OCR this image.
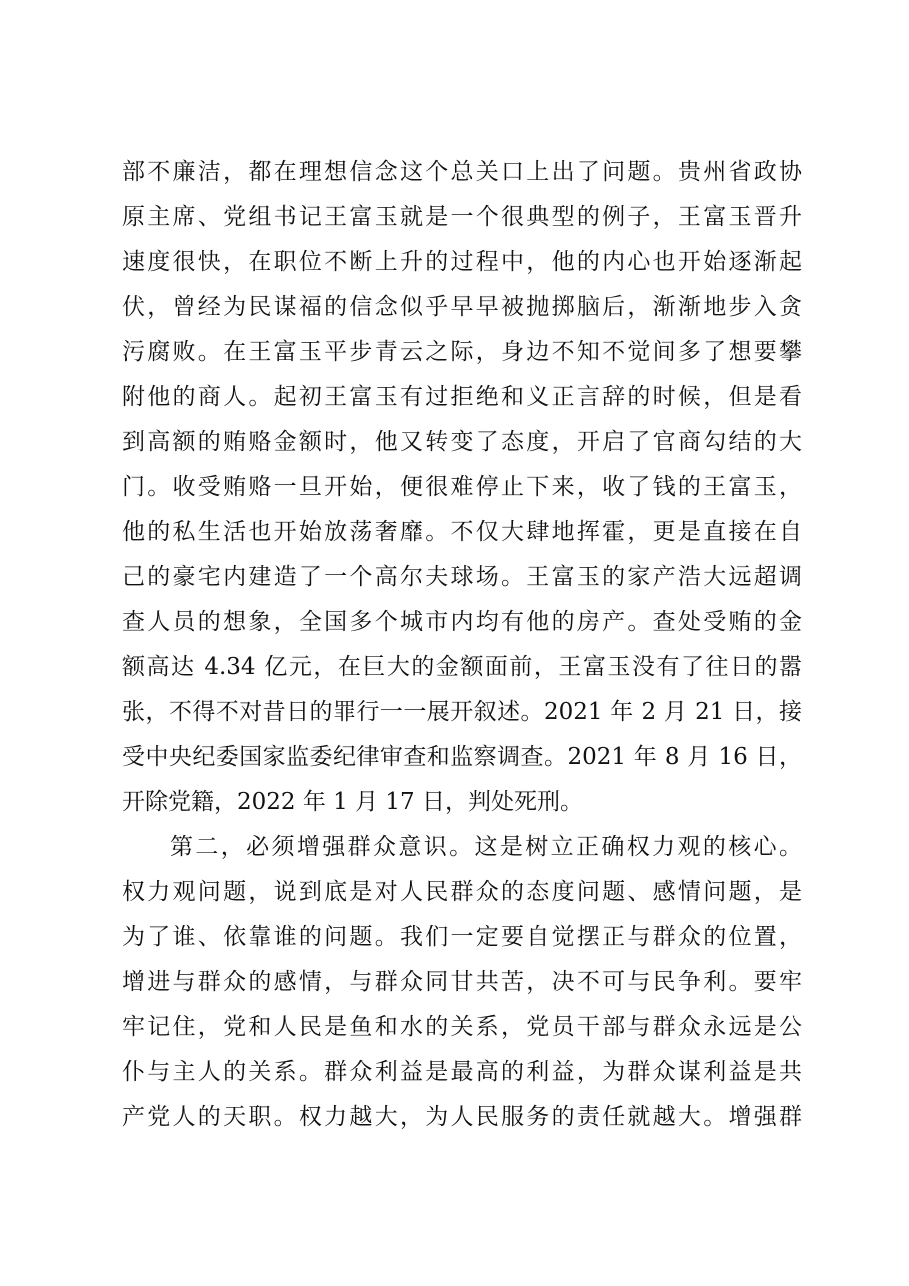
部不廉洁，都在理想信念这个总关口上出了问题。贵州省政协
原主席、党组书记王富玉就是一个很典型的例子，王富玉晋升
速度很快，在职位不断上升的过程中，他的内心也开始逐渐起
伏，曾经为民谋福的信念似乎早早被抛掷脑后，渐渐地步入贪
污腐败。在王富玉平步青云之际，身边不知不觉间多了想要攀
附他的商人。起初王富玉有过拒绝和义正言辞的时候，但是看
到高额的贿赂金额时，他又转变了态度，开启了官商勾结的大
门。收受贿赂一旦开始，便很难停止下来，收了钱的王富玉，
他的私生活也开始放荡奢靡。不仅大肆地挥霍，更是直接在自
己的豪宅内建造了一个高尔夫球场。王富玉的家产浩大远超调
查人员的想象，全国多个城市内均有他的房产。查处受贿的金
额高达 4.34 亿元，在巨大的金额面前，王富玉没有了往日的嚣
张，不得不对昔日的罪行一一展开叙述。2021 年 2 月 21 日，接
受中央纪委国家监委纪律审查和监察调查。2021 年 8 月 16 日，
开除党籍，2022 年 1 月 17 日，判处死刑。
第二，必须增强群众意识。这是树立正确权力观的核心。
权力观问题，说到底是对人民群众的态度问题、感情问题，是
为了谁、依靠谁的问题。我们一定要自觉摆正与群众的位置，
增进与群众的感情，与群众同甘共苦，决不可与民争利。要牢
牢记住，党和人民是鱼和水的关系，党员干部与群众永远是公
仆与主人的关系。群众利益是最高的利益，为群众谋利益是共
产党人的天职。权力越大，为人民服务的责任就越大。增强群
